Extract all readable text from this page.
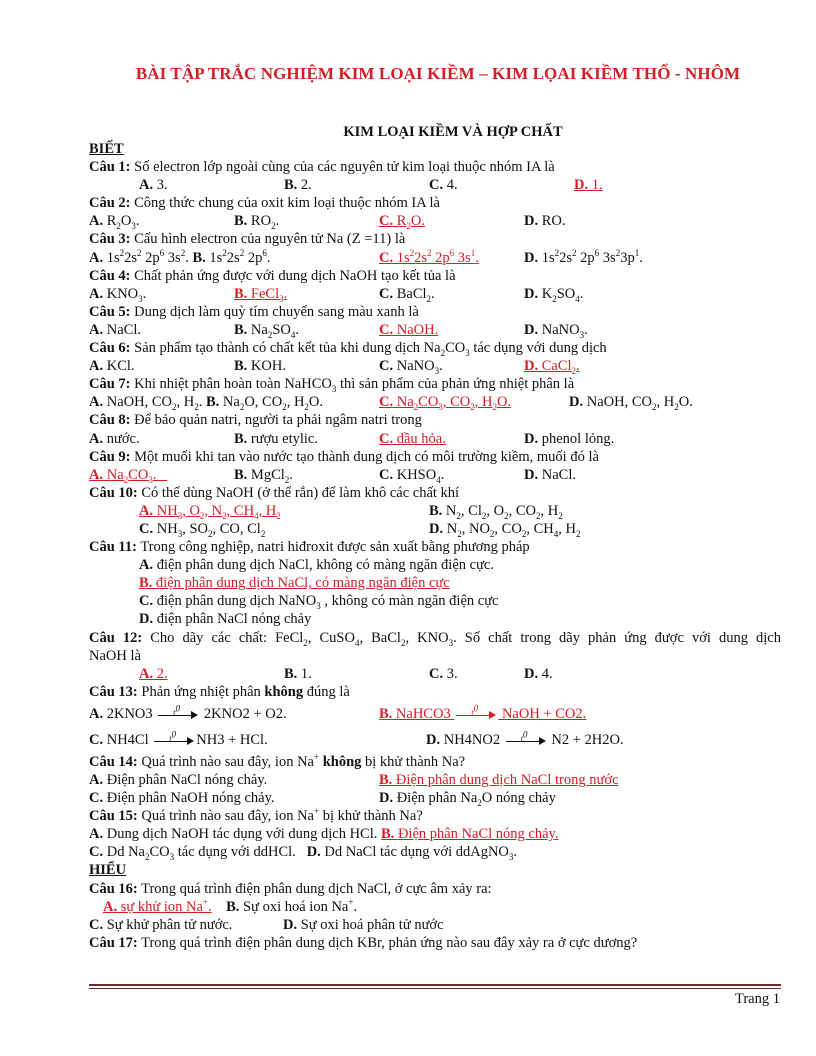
BÀI TẬP TRẮC NGHIỆM KIM LOẠI KIỀM – KIM LỌAI KIỀM THỔ - NHÔM
KIM LOẠI KIỀM VÀ HỢP CHẤT
BIẾT
Câu 1: Số electron lớp ngoài cùng của các nguyên tử kim loại thuộc nhóm IA là
A. 3.	B. 2.	C. 4.	D. 1.
Câu 2: Công thức chung của oxit kim loại thuộc nhóm IA là
A. $R_2O_3$.	B. $RO_2$.	C. $R_2O$.	D. RO.
Câu 3: Cấu hình electron của nguyên tử Na (Z =11) là
A. $1s^22s^2$ $2p^6$ $3s^2$. B. $1s^22s^2$ $2p^6$.	C. $1s^22s^2$ $2p^6$ $3s^1$.	D. $1s^22s^2$ $2p^6$ $3s^23p^1$.
Câu 4: Chất phản ứng được với dung dịch NaOH tạo kết tủa là
A. $KNO_3$.	B. FeCl$_3$.	C. BaCl$_2$.	D. $K_2SO_4$.
Câu 5: Dung dịch làm quỳ tím chuyển sang màu xanh là
A. NaCl.	B. $Na_2SO_4$.	C. NaOH.	D. NaNO$_3$.
Câu 6: Sản phẩm tạo thành có chất kết tủa khi dung dịch $Na_2CO_3$ tác dụng với dung dịch
A. KCl.	B. KOH.	C. NaNO$_3$.	D. CaCl$_2$.
Câu 7: Khi nhiệt phân hoàn toàn NaHCO$_3$ thì sản phẩm của phản ứng nhiệt phân là
A. NaOH, $CO_2$, $H_2$. B. $Na_2O$, $CO_2$, $H_2O$.	C. $Na_2CO_3$, $CO_2$, $H_2O$.	D. NaOH, $CO_2$, $H_2O$.
Câu 8: Để bảo quản natri, người ta phải ngâm natri trong
A. nước.	B. rượu etylic.	C. dầu hỏa.	D. phenol lỏng.
Câu 9: Một muối khi tan vào nước tạo thành dung dịch có môi trường kiềm, muối đó là
A. $Na_2CO_3$.	B. MgCl$_2$.	C. $KHSO_4$.	D. NaCl.
Câu 10: Có thể dùng NaOH (ở thể rắn) để làm khô các chất khí
A. $NH_3$, $O_2$, $N_2$, $CH_4$, $H_2$	B. $N_2$, $Cl_2$, $O_2$, $CO_2$, $H_2$
C. $NH_3$, $SO_2$, CO, $Cl_2$	D. $N_2$, $NO_2$, $CO_2$, $CH_4$, $H_2$
Câu 11: Trong công nghiệp, natri hiđroxit được sản xuất bằng phương pháp
A. điện phân dung dịch NaCl, không có màng ngăn điện cực.
B. điện phân dung dịch NaCl, có màng ngăn điện cực
C. điện phân dung dịch NaNO$_3$ , không có màn ngăn điện cực
D. điện phân NaCl nóng chảy
Câu 12: Cho dãy các chất: FeCl$_2$, CuSO$_4$, BaCl$_2$, $KNO_3$. Số chất trong dãy phản ứng được với dung dịch
NaOH là
A. 2.	B. 1.	C. 3.	D. 4.
Câu 13: Phản ứng nhiệt phân không đúng là
A. 2KNO3 $t^0$ 2KNO2 + O2.	B. NaHCO3 $t^0$ NaOH + CO2.
C. NH4Cl $t^0$ NH3 + HCl.	D. NH4NO2 $t^0$ N2 + 2H2O.
Câu 14: Quá trình nào sau đây, ion Na+ không bị khử thành Na?
A. Điện phân NaCl nóng chảy.	B. Điện phân dung dịch NaCl trong nước
C. Điện phân NaOH nóng chảy.	D. Điện phân $Na_2O$ nóng chảy
Câu 15: Quá trình nào sau đây, ion Na+ bị khử thành Na?
A. Dung dịch NaOH tác dụng với dung dịch HCl. B. Điện phân NaCl nóng chảy.
C. Dd $Na_2CO_3$ tác dụng với ddHCl.   D. Dd NaCl tác dụng với ddAgNO$_3$.
HIỂU
Câu 16: Trong quá trình điện phân dung dịch NaCl, ở cực âm xảy ra:
A. sự khử ion Na+. B. Sự oxi hoá ion Na+.
C. Sự khử phân tử nước.	D. Sự oxi hoá phân tử nước
Câu 17: Trong quá trình điện phân dung dịch KBr, phản ứng nào sau đây xảy ra ở cực dương?
Trang 1
